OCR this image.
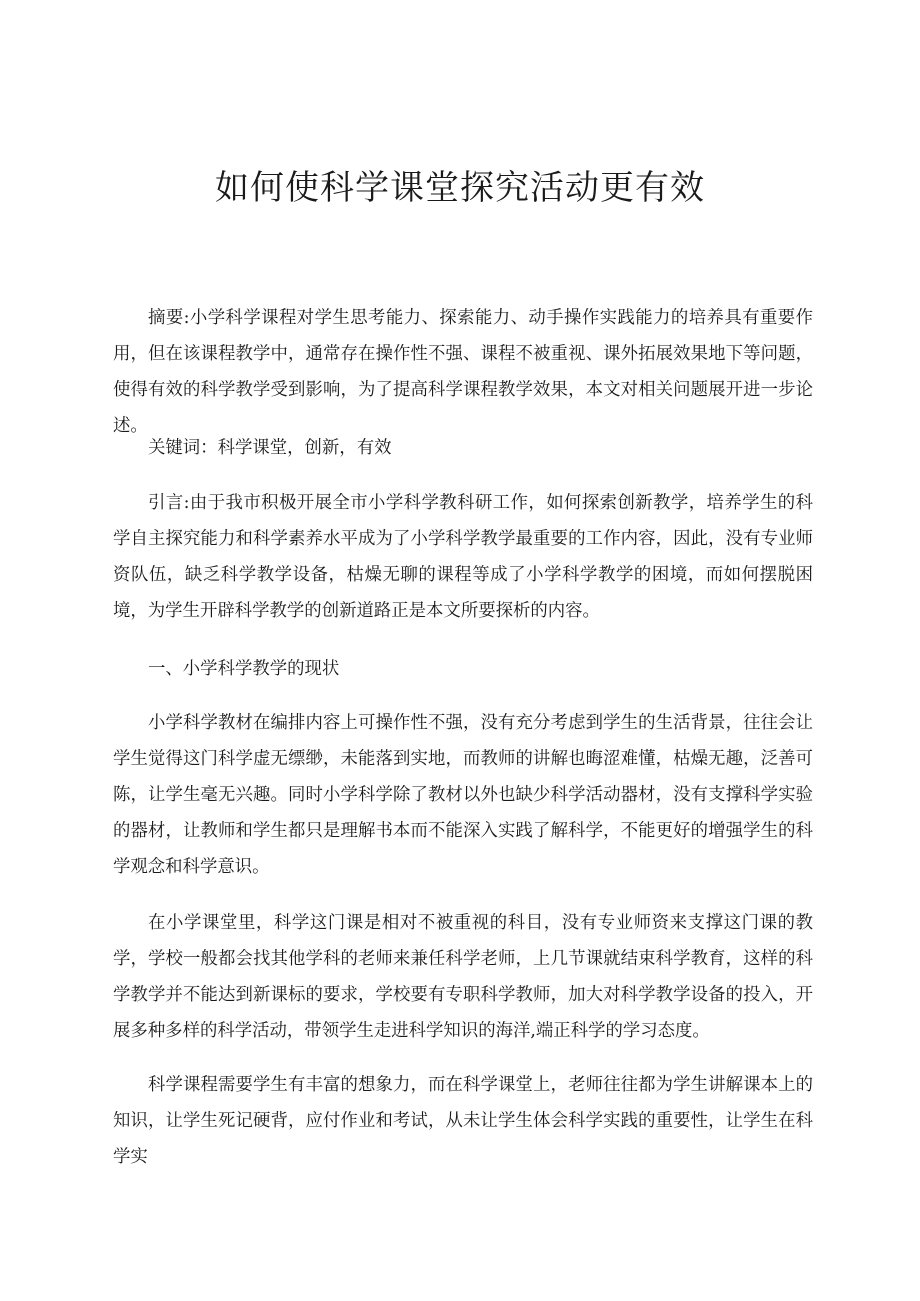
如何使科学课堂探究活动更有效

摘要:小学科学课程对学生思考能力、探索能力、动手操作实践能力的培养具有重要作用，但在该课程教学中，通常存在操作性不强、课程不被重视、课外拓展效果地下等问题，使得有效的科学教学受到影响，为了提高科学课程教学效果，本文对相关问题展开进一步论述。

关键词：科学课堂，创新，有效

引言:由于我市积极开展全市小学科学教科研工作，如何探索创新教学，培养学生的科学自主探究能力和科学素养水平成为了小学科学教学最重要的工作内容，因此，没有专业师资队伍，缺乏科学教学设备，枯燥无聊的课程等成了小学科学教学的困境，而如何摆脱困境，为学生开辟科学教学的创新道路正是本文所要探析的内容。

一、小学科学教学的现状

小学科学教材在编排内容上可操作性不强，没有充分考虑到学生的生活背景，往往会让学生觉得这门科学虚无缥缈，未能落到实地，而教师的讲解也晦涩难懂，枯燥无趣，泛善可陈，让学生毫无兴趣。同时小学科学除了教材以外也缺少科学活动器材，没有支撑科学实验的器材，让教师和学生都只是理解书本而不能深入实践了解科学，不能更好的增强学生的科学观念和科学意识。

在小学课堂里，科学这门课是相对不被重视的科目，没有专业师资来支撑这门课的教学，学校一般都会找其他学科的老师来兼任科学老师，上几节课就结束科学教育，这样的科学教学并不能达到新课标的要求，学校要有专职科学教师，加大对科学教学设备的投入，开展多种多样的科学活动，带领学生走进科学知识的海洋,端正科学的学习态度。

科学课程需要学生有丰富的想象力，而在科学课堂上，老师往往都为学生讲解课本上的知识，让学生死记硬背，应付作业和考试，从未让学生体会科学实践的重要性，让学生在科学实
